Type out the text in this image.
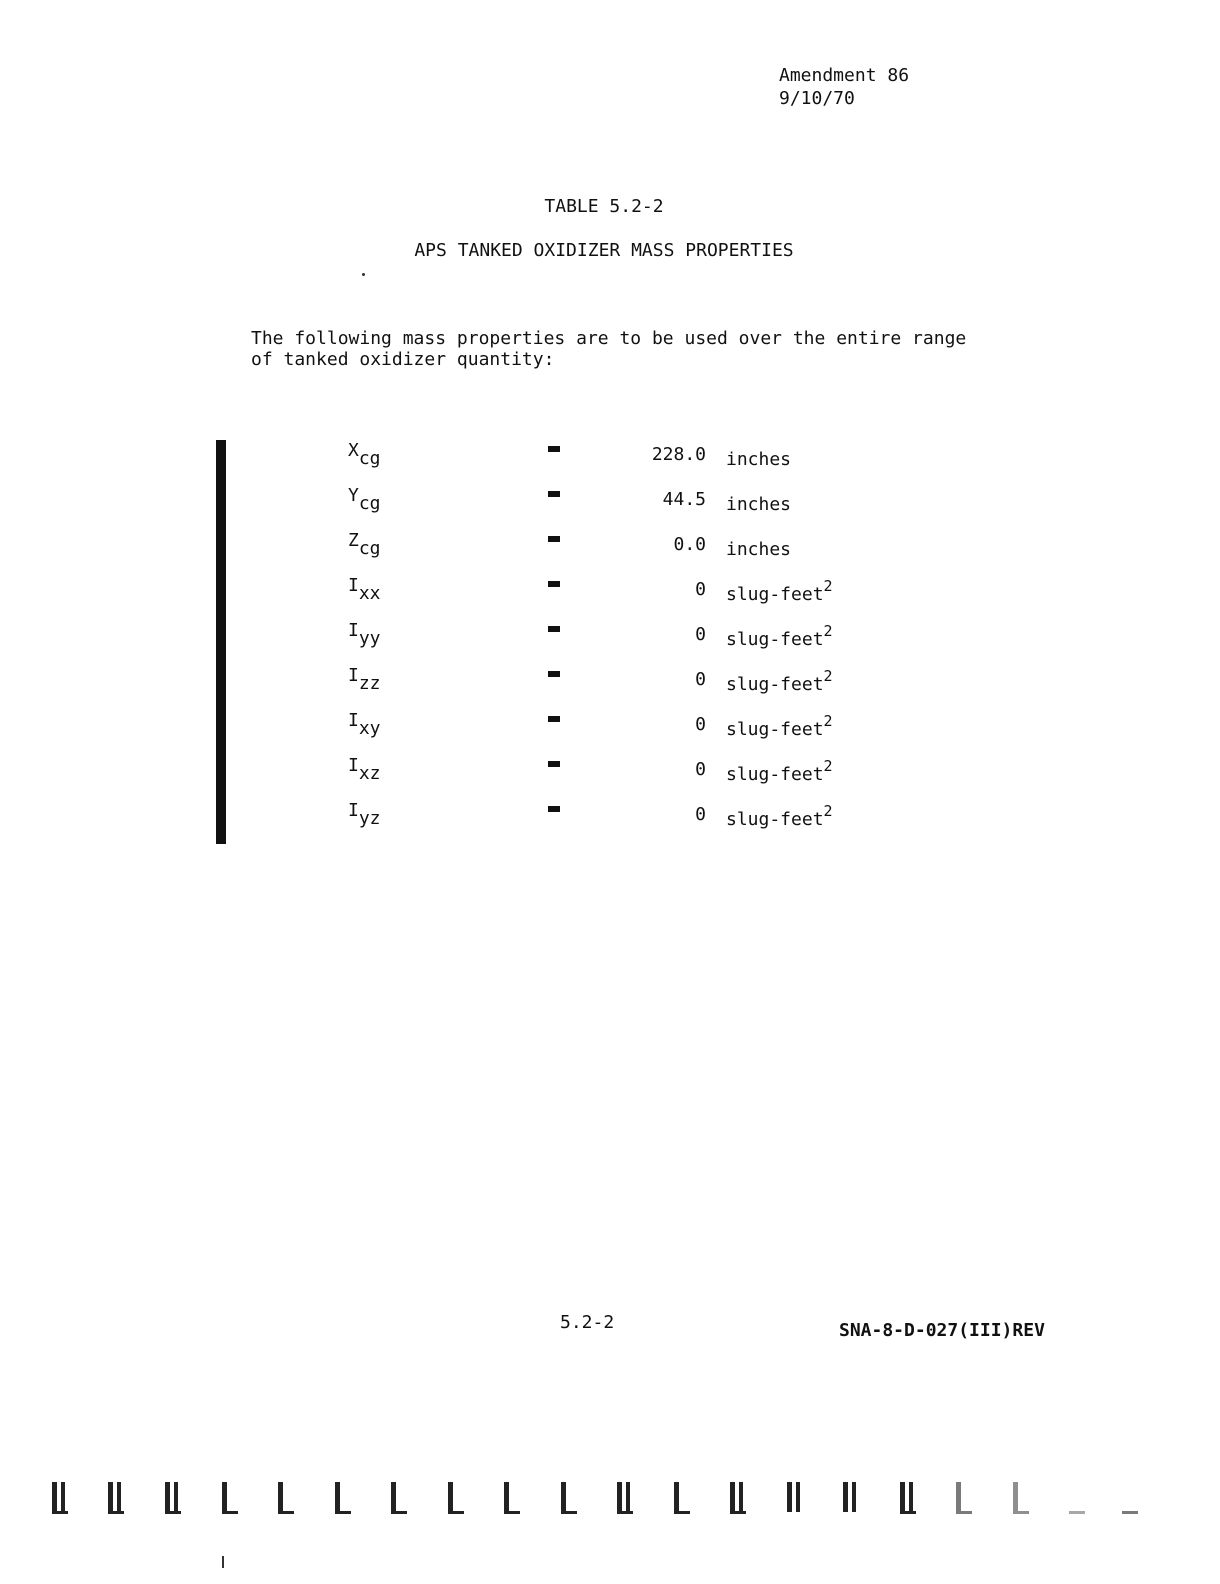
Amendment 86
9/10/70
TABLE 5.2-2
APS TANKED OXIDIZER MASS PROPERTIES
The following mass properties are to be used over the entire range
of tanked oxidizer quantity:
Xcg	228.0 inches
Ycg	44.5 inches
Zcg	0.0 inches
Ixx	0 slug-feet$^2$
Iyy	0 slug-feet$^2$
Izz	0 slug-feet$^2$
Ixy	0 slug-feet$^2$
Ixz	0 slug-feet$^2$
Iyz	0 slug-feet$^2$
5.2-2	SNA-8-D-027(III)REV
